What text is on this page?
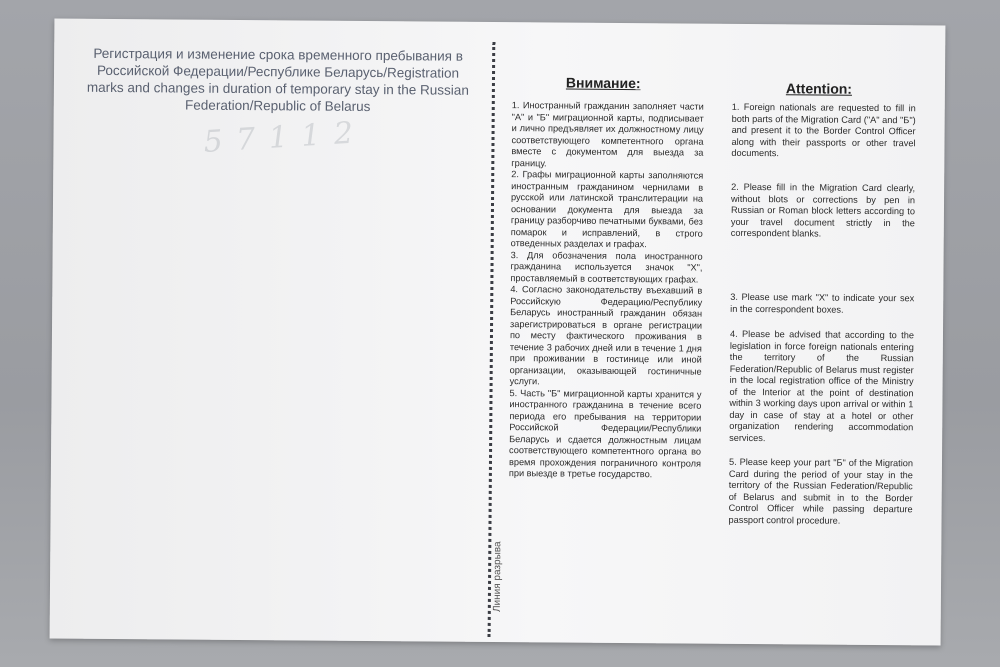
Регистрация и изменение срока временного пребывания в Российской Федерации/Республике Беларусь/Registration marks and changes in duration of temporary stay in the Russian Federation/Republic of Belarus
5 7 1 1 2
Линия разрыва
Внимание:	Attention:

1. Иностранный гражданин заполняет части "А" и "Б" миграционной карты, подписывает и лично предъявляет их должностному лицу соответствующего компетентного органа вместе с документом для выезда за границу.

2. Графы миграционной карты заполняются иностранным гражданином чернилами в русской или латинской транслитерации на основании документа для выезда за границу разборчиво печатными буквами, без помарок и исправлений, в строго отведенных разделах и графах.

3. Для обозначения пола иностранного гражданина используется значок "Х", проставляемый в соответствующих графах.

4. Согласно законодательству въехавший в Российскую Федерацию/Республику Беларусь иностранный гражданин обязан зарегистрироваться в органе регистрации по месту фактического проживания в течение 3 рабочих дней или в течение 1 дня при проживании в гостинице или иной организации, оказывающей гостиничные услуги.

5. Часть "Б" миграционной карты хранится у иностранного гражданина в течение всего периода его пребывания на территории Российской Федерации/Республики Беларусь и сдается должностным лицам соответствующего компетентного органа во время прохождения пограничного контроля при выезде в третье государство.

1. Foreign nationals are requested to fill in both parts of the Migration Card ("A" and "Б") and present it to the Border Control Officer along with their passports or other travel documents.

2. Please fill in the Migration Card clearly, without blots or corrections by pen in Russian or Roman block letters according to your travel document strictly in the correspondent blanks.

3. Please use mark "X" to indicate your sex in the correspondent boxes.

4. Please be advised that according to the legislation in force foreign nationals entering the territory of the Russian Federation/Republic of Belarus must register in the local registration office of the Ministry of the Interior at the point of destination within 3 working days upon arrival or within 1 day in case of stay at a hotel or other organization rendering accommodation services.

5. Please keep your part "Б" of the Migration Card during the period of your stay in the territory of the Russian Federation/Republic of Belarus and submit in to the Border Control Officer while passing departure passport control procedure.
